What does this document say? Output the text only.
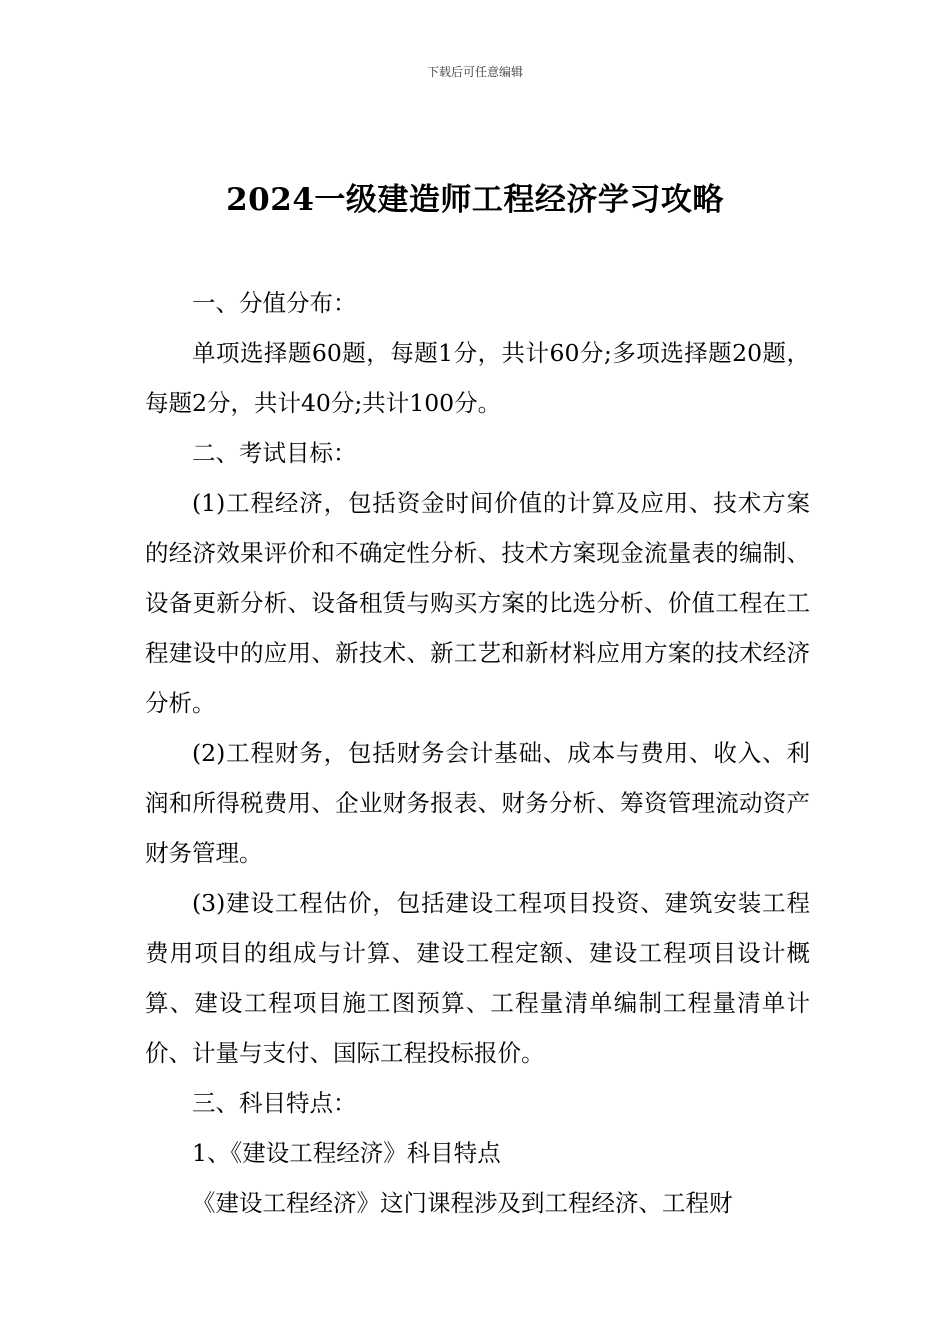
下载后可任意编辑
2024一级建造师工程经济学习攻略

一、分值分布：

单项选择题60题，每题1分，共计60分;多项选择题20题，每题2分，共计40分;共计100分。

二、考试目标：

(1)工程经济，包括资金时间价值的计算及应用、技术方案的经济效果评价和不确定性分析、技术方案现金流量表的编制、设备更新分析、设备租赁与购买方案的比选分析、价值工程在工程建设中的应用、新技术、新工艺和新材料应用方案的技术经济分析。

(2)工程财务，包括财务会计基础、成本与费用、收入、利润和所得税费用、企业财务报表、财务分析、筹资管理流动资产财务管理。

(3)建设工程估价，包括建设工程项目投资、建筑安装工程费用项目的组成与计算、建设工程定额、建设工程项目设计概算、建设工程项目施工图预算、工程量清单编制工程量清单计价、计量与支付、国际工程投标报价。

三、科目特点：

1、《建设工程经济》科目特点

《建设工程经济》这门课程涉及到工程经济、工程财
